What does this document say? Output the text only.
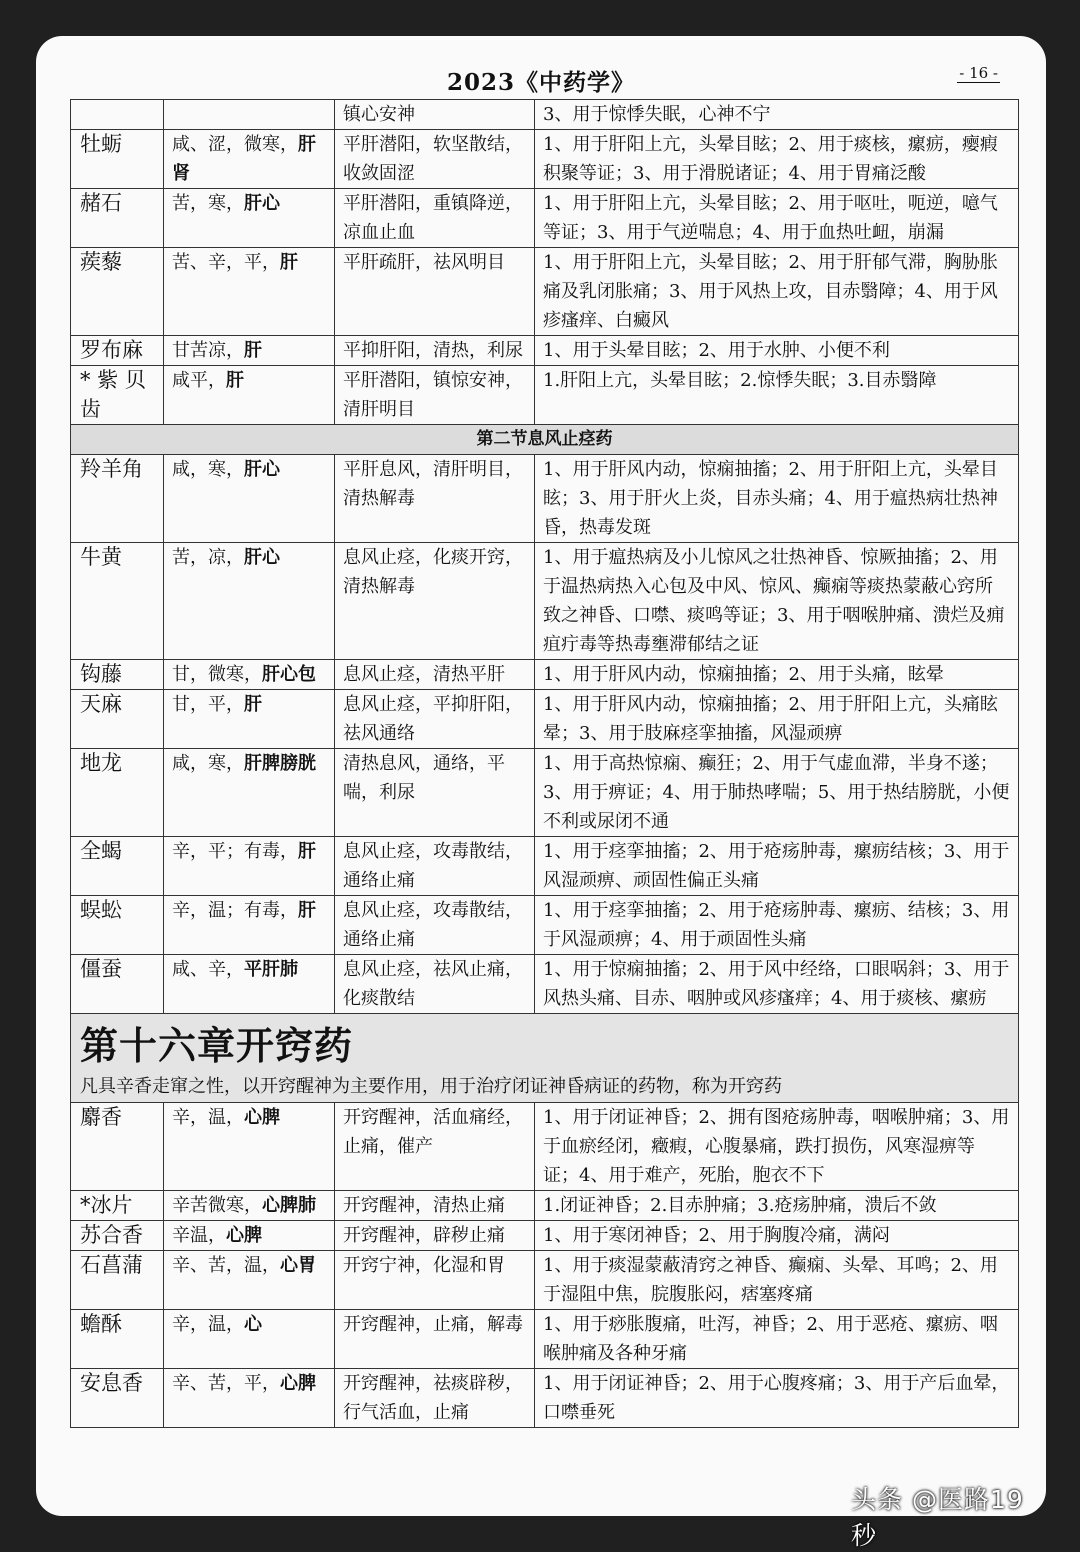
2023《中药学》	- 16 -
		镇心安神	3、用于惊悸失眠，心神不宁
牡蛎	咸、涩，微寒，肝肾	平肝潜阳，软坚散结，收敛固涩	1、用于肝阳上亢，头晕目眩；2、用于痰核，瘰疬，瘿瘕积聚等证；3、用于滑脱诸证；4、用于胃痛泛酸
赭石	苦，寒，肝心	平肝潜阳，重镇降逆，凉血止血	1、用于肝阳上亢，头晕目眩；2、用于呕吐，呃逆，噫气等证；3、用于气逆喘息；4、用于血热吐衄，崩漏
蒺藜	苦、辛，平，肝	平肝疏肝，祛风明目	1、用于肝阳上亢，头晕目眩；2、用于肝郁气滞，胸胁胀痛及乳闭胀痛；3、用于风热上攻，目赤翳障；4、用于风疹瘙痒、白癜风
罗布麻	甘苦凉，肝	平抑肝阳，清热，利尿	1、用于头晕目眩；2、用于水肿、小便不利
* 紫 贝 齿	咸平，肝	平肝潜阳，镇惊安神，清肝明目	1.肝阳上亢，头晕目眩；2.惊悸失眠；3.目赤翳障
第二节息风止痉药			
羚羊角	咸，寒，肝心	平肝息风，清肝明目，清热解毒	1、用于肝风内动，惊痫抽搐；2、用于肝阳上亢，头晕目眩；3、用于肝火上炎，目赤头痛；4、用于瘟热病壮热神昏，热毒发斑
牛黄	苦，凉，肝心	息风止痉，化痰开窍，清热解毒	1、用于瘟热病及小儿惊风之壮热神昏、惊厥抽搐；2、用于温热病热入心包及中风、惊风、癫痫等痰热蒙蔽心窍所致之神昏、口噤、痰鸣等证；3、用于咽喉肿痛、溃烂及痈疽疔毒等热毒壅滞郁结之证
钩藤	甘，微寒，肝心包	息风止痉，清热平肝	1、用于肝风内动，惊痫抽搐；2、用于头痛，眩晕
天麻	甘，平，肝	息风止痉，平抑肝阳，祛风通络	1、用于肝风内动，惊痫抽搐；2、用于肝阳上亢，头痛眩晕；3、用于肢麻痉挛抽搐，风湿顽痹
地龙	咸，寒，肝脾膀胱	清热息风，通络，平喘，利尿	1、用于高热惊痫、癫狂；2、用于气虚血滞，半身不遂；3、用于痹证；4、用于肺热哮喘；5、用于热结膀胱，小便不利或尿闭不通
全蝎	辛，平；有毒，肝	息风止痉，攻毒散结，通络止痛	1、用于痉挛抽搐；2、用于疮疡肿毒，瘰疬结核；3、用于风湿顽痹、顽固性偏正头痛
蜈蚣	辛，温；有毒，肝	息风止痉，攻毒散结，通络止痛	1、用于痉挛抽搐；2、用于疮疡肿毒、瘰疬、结核；3、用于风湿顽痹；4、用于顽固性头痛
僵蚕	咸、辛，平肝肺	息风止痉，祛风止痛，化痰散结	1、用于惊痫抽搐；2、用于风中经络，口眼㖞斜；3、用于风热头痛、目赤、咽肿或风疹瘙痒；4、用于痰核、瘰疬

第十六章开窍药
凡具辛香走窜之性，以开窍醒神为主要作用，用于治疗闭证神昏病证的药物，称为开窍药			

麝香	辛，温，心脾	开窍醒神，活血痛经，止痛，催产	1、用于闭证神昏；2、拥有图疮疡肿毒，咽喉肿痛；3、用于血瘀经闭，癥瘕，心腹暴痛，跌打损伤，风寒湿痹等证；4、用于难产，死胎，胞衣不下
*冰片	辛苦微寒，心脾肺	开窍醒神，清热止痛	1.闭证神昏；2.目赤肿痛；3.疮疡肿痛，溃后不敛
苏合香	辛温，心脾	开窍醒神，辟秽止痛	1、用于寒闭神昏；2、用于胸腹冷痛，满闷
石菖蒲	辛、苦，温，心胃	开窍宁神，化湿和胃	1、用于痰湿蒙蔽清窍之神昏、癫痫、头晕、耳鸣；2、用于湿阻中焦，脘腹胀闷，痞塞疼痛
蟾酥	辛，温，心	开窍醒神，止痛，解毒	1、用于痧胀腹痛，吐泻，神昏；2、用于恶疮、瘰疬、咽喉肿痛及各种牙痛
安息香	辛、苦，平，心脾	开窍醒神，祛痰辟秽，行气活血，止痛	1、用于闭证神昏；2、用于心腹疼痛；3、用于产后血晕，口噤垂死
头条 @医路19秒
